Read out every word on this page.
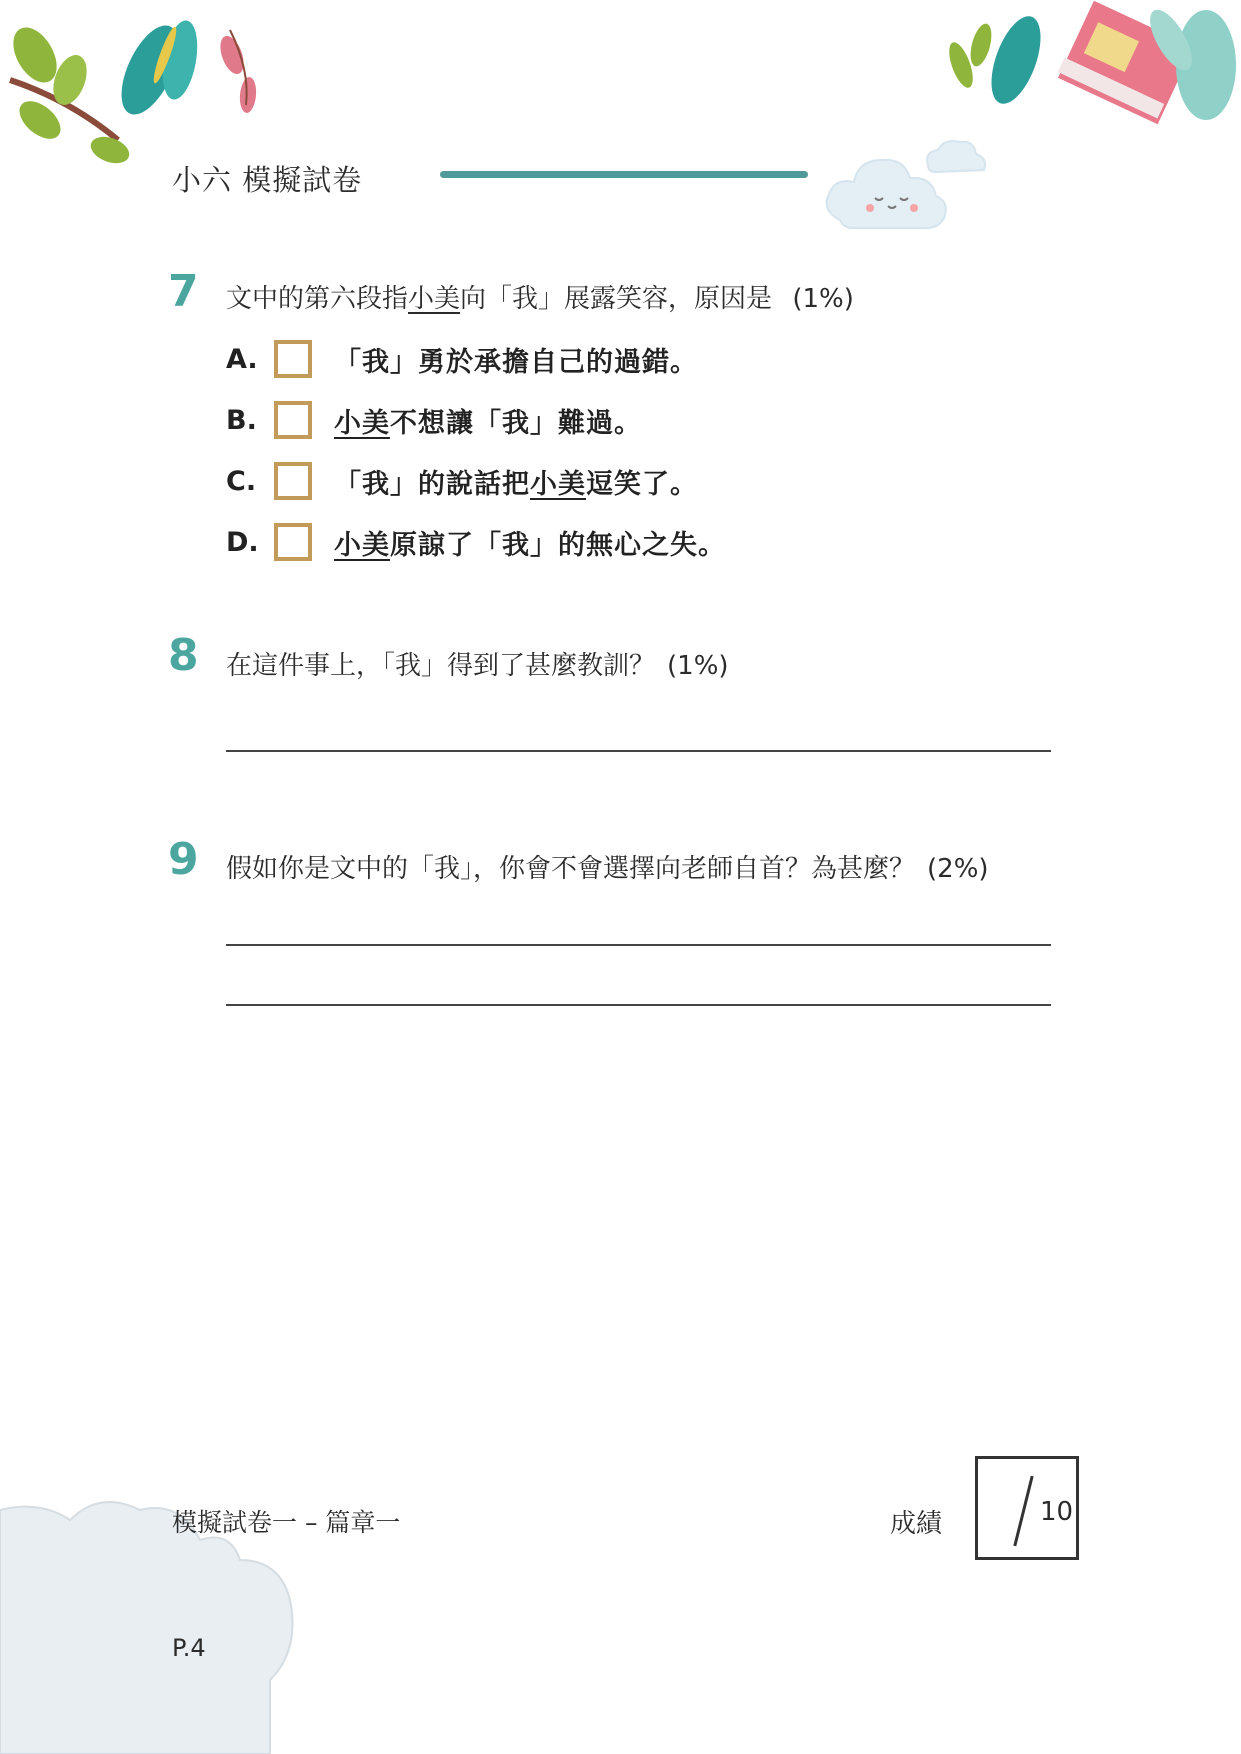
小六 模擬試卷
7 文中的第六段指小美向「我」展露笑容，原因是 (1%)
A.	「我」勇於承擔自己的過錯。
B.	小美不想讓「我」難過。
C.	「我」的說話把小美逗笑了。
D.	小美原諒了「我」的無心之失。
8 在這件事上，「我」得到了甚麼教訓？ (1%)
9 假如你是文中的「我」，你會不會選擇向老師自首？為甚麼？ (2%)
模擬試卷一 – 篇章一	成績	10
P.4
